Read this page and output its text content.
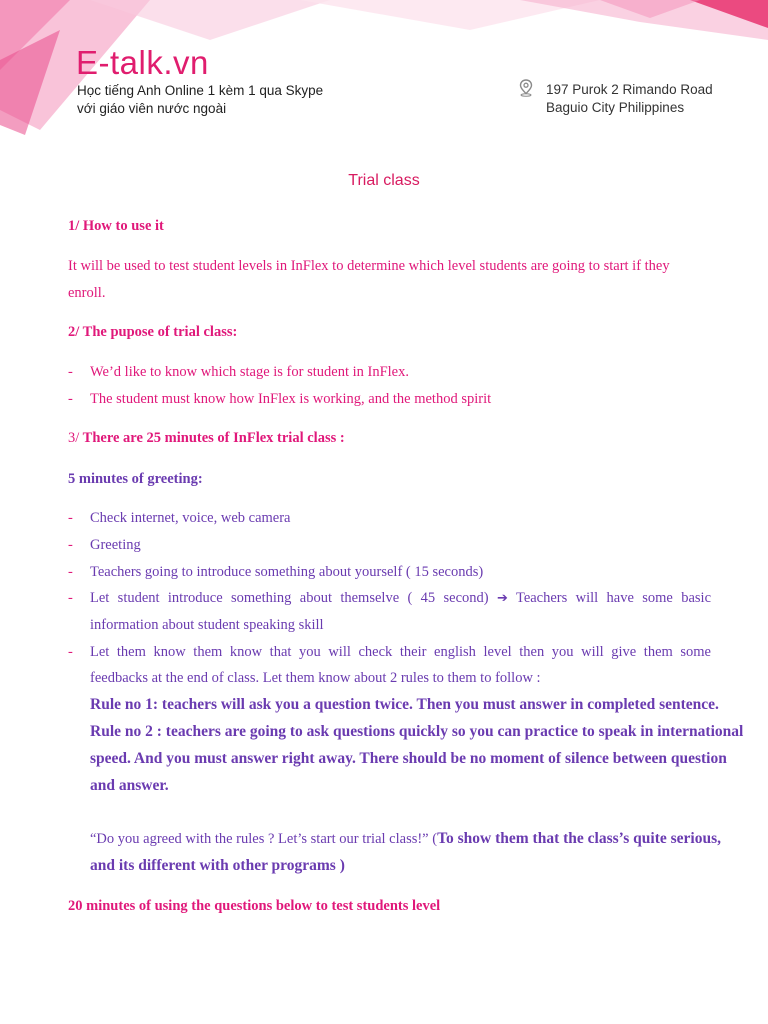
E-talk.vn
Học tiếng Anh Online 1 kèm 1 qua Skype
với giáo viên nước ngoài
197 Purok 2 Rimando Road
Baguio City Philippines
Trial class
1/ How to use it
It will be used to test student levels in InFlex to determine which level students are going to start if they
enroll.
2/ The pupose of trial class:
- We’d like to know which stage is for student in InFlex.
- The student must know how InFlex is working, and the method spirit
3/ There are 25 minutes of InFlex trial class :
5 minutes of greeting:
- Check internet, voice, web camera
- Greeting
- Teachers going to introduce something about yourself ( 15 seconds)
- Let student introduce something about themselve ( 45 second) ➔ Teachers will have some basic
information about student speaking skill
- Let them know them know that you will check their english level then you will give them some
feedbacks at the end of class. Let them know about 2 rules to them to follow :
Rule no 1: teachers will ask you a question twice. Then you must answer in completed sentence.
Rule no 2 : teachers are going to ask questions quickly so you can practice to speak in international
speed. And you must answer right away. There should be no moment of silence between question
and answer.
“Do you agreed with the rules ? Let’s start our trial class!” (To show them that the class’s quite serious,
and its different with other programs )
20 minutes of using the questions below to test students level
